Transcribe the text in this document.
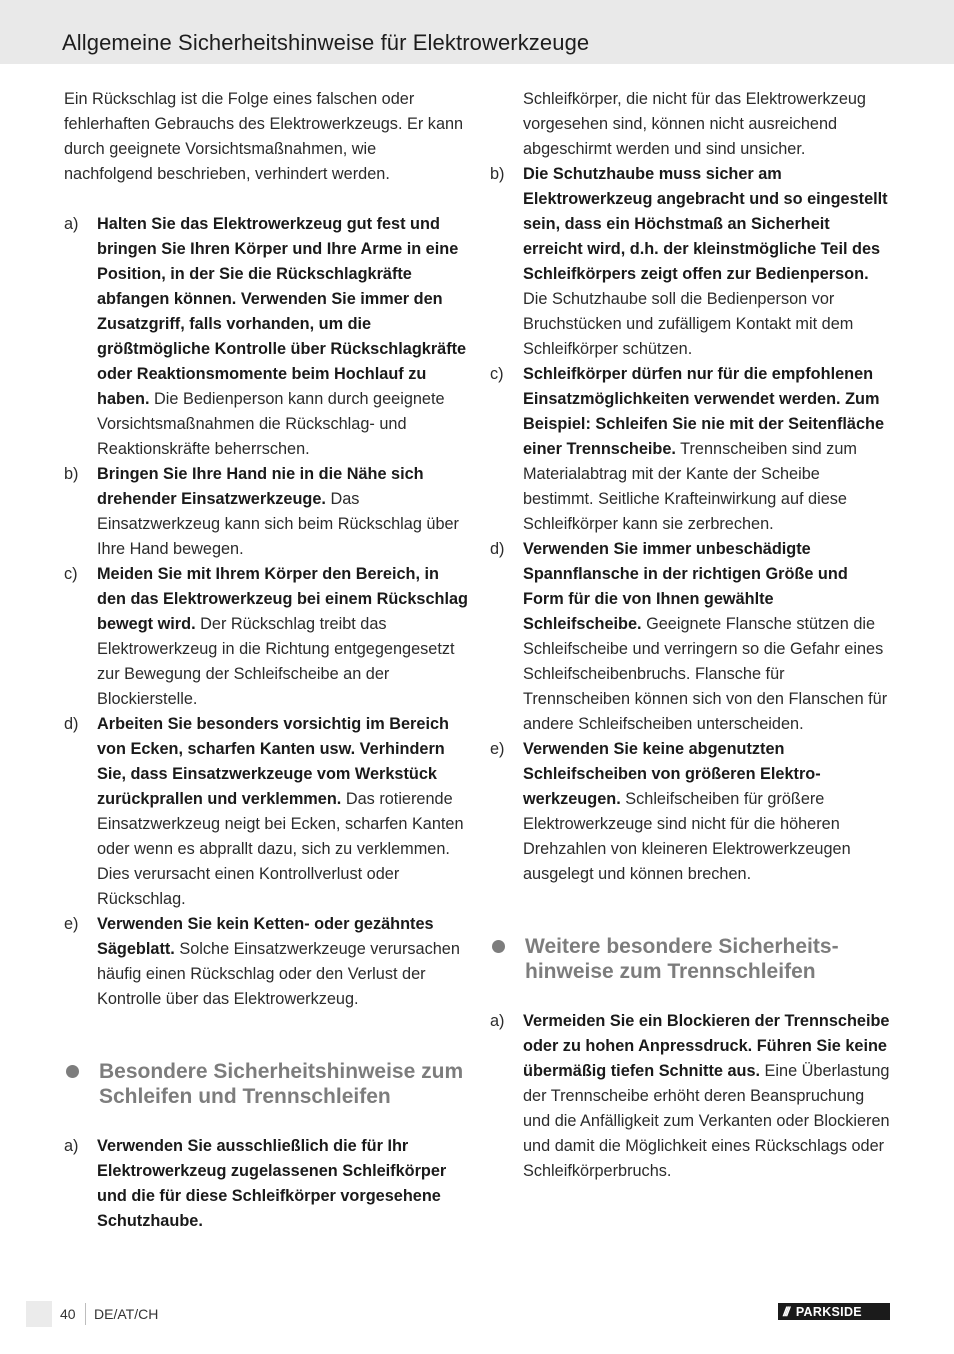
Allgemeine Sicherheitshinweise für Elektrowerkzeuge

Ein Rückschlag ist die Folge eines falschen oder fehlerhaften Gebrauchs des Elektrowerkzeugs. Er kann durch geeignete Vorsichtsmaßnahmen, wie nachfolgend beschrieben, verhindert werden.

a)	Halten Sie das Elektrowerkzeug gut fest und bringen Sie Ihren Körper und Ihre Arme in eine Position, in der Sie die Rückschlagkräfte abfangen können. Verwenden Sie immer den Zusatzgriff, falls vorhanden, um die größtmögliche Kontrolle über Rückschlagkräfte oder Reaktionsmomente beim Hochlauf zu haben. Die Bedienperson kann durch geeignete Vorsichtsmaßnahmen die Rückschlag- und Reaktionskräfte beherrschen.
b)	Bringen Sie Ihre Hand nie in die Nähe sich drehender Einsatzwerkzeuge. Das Einsatzwerkzeug kann sich beim Rückschlag über Ihre Hand bewegen.
c)	Meiden Sie mit Ihrem Körper den Bereich, in den das Elektrowerkzeug bei einem Rückschlag bewegt wird. Der Rückschlag treibt das Elektrowerkzeug in die Richtung entgegengesetzt zur Bewegung der Schleifscheibe an der Blockierstelle.
d)	Arbeiten Sie besonders vorsichtig im Bereich von Ecken, scharfen Kanten usw. Verhindern Sie, dass Einsatzwerkzeuge vom Werkstück zurückprallen und verklemmen. Das rotierende Einsatzwerkzeug neigt bei Ecken, scharfen Kanten oder wenn es abprallt dazu, sich zu verklemmen. Dies verursacht einen Kontrollverlust oder Rückschlag.
e)	Verwenden Sie kein Ketten- oder gezähntes Sägeblatt. Solche Einsatzwerkzeuge verursachen häufig einen Rückschlag oder den Verlust der Kontrolle über das Elektrowerkzeug.
Besondere Sicherheitshinweise zum Schleifen und Trennschleifen
a)	Verwenden Sie ausschließlich die für Ihr Elektrowerkzeug zugelassenen Schleifkörper und die für diese Schleifkörper vorgesehene Schutzhaube.
Schleifkörper, die nicht für das Elektrowerkzeug vorgesehen sind, können nicht ausreichend abgeschirmt werden und sind unsicher.
b)	Die Schutzhaube muss sicher am Elektrowerkzeug angebracht und so eingestellt sein, dass ein Höchstmaß an Sicherheit erreicht wird, d.h. der kleinstmögliche Teil des Schleifkörpers zeigt offen zur Bedienperson. Die Schutzhaube soll die Bedienperson vor Bruchstücken und zufälligem Kontakt mit dem Schleifkörper schützen.
c)	Schleifkörper dürfen nur für die empfohlenen Einsatzmöglichkeiten verwendet werden. Zum Beispiel: Schleifen Sie nie mit der Seitenfläche einer Trennscheibe. Trennscheiben sind zum Materialabtrag mit der Kante der Scheibe bestimmt. Seitliche Krafteinwirkung auf diese Schleifkörper kann sie zerbrechen.
d)	Verwenden Sie immer unbeschädigte Spannflansche in der richtigen Größe und Form für die von Ihnen gewählte Schleifscheibe. Geeignete Flansche stützen die Schleifscheibe und verringern so die Gefahr eines Schleifscheibenbruchs. Flansche für Trennscheiben können sich von den Flanschen für andere Schleifscheiben unterscheiden.
e)	Verwenden Sie keine abgenutzten Schleifscheiben von größeren Elektrowerkzeugen. Schleifscheiben für größere Elektrowerkzeuge sind nicht für die höheren Drehzahlen von kleineren Elektrowerkzeugen ausgelegt und können brechen.
Weitere besondere Sicherheitshinweise zum Trennschleifen
a)	Vermeiden Sie ein Blockieren der Trennscheibe oder zu hohen Anpressdruck. Führen Sie keine übermäßig tiefen Schnitte aus. Eine Überlastung der Trennscheibe erhöht deren Beanspruchung und die Anfälligkeit zum Verkanten oder Blockieren und damit die Möglichkeit eines Rückschlags oder Schleifkörperbruchs.
40 DE/AT/CH	/// PARKSIDE
